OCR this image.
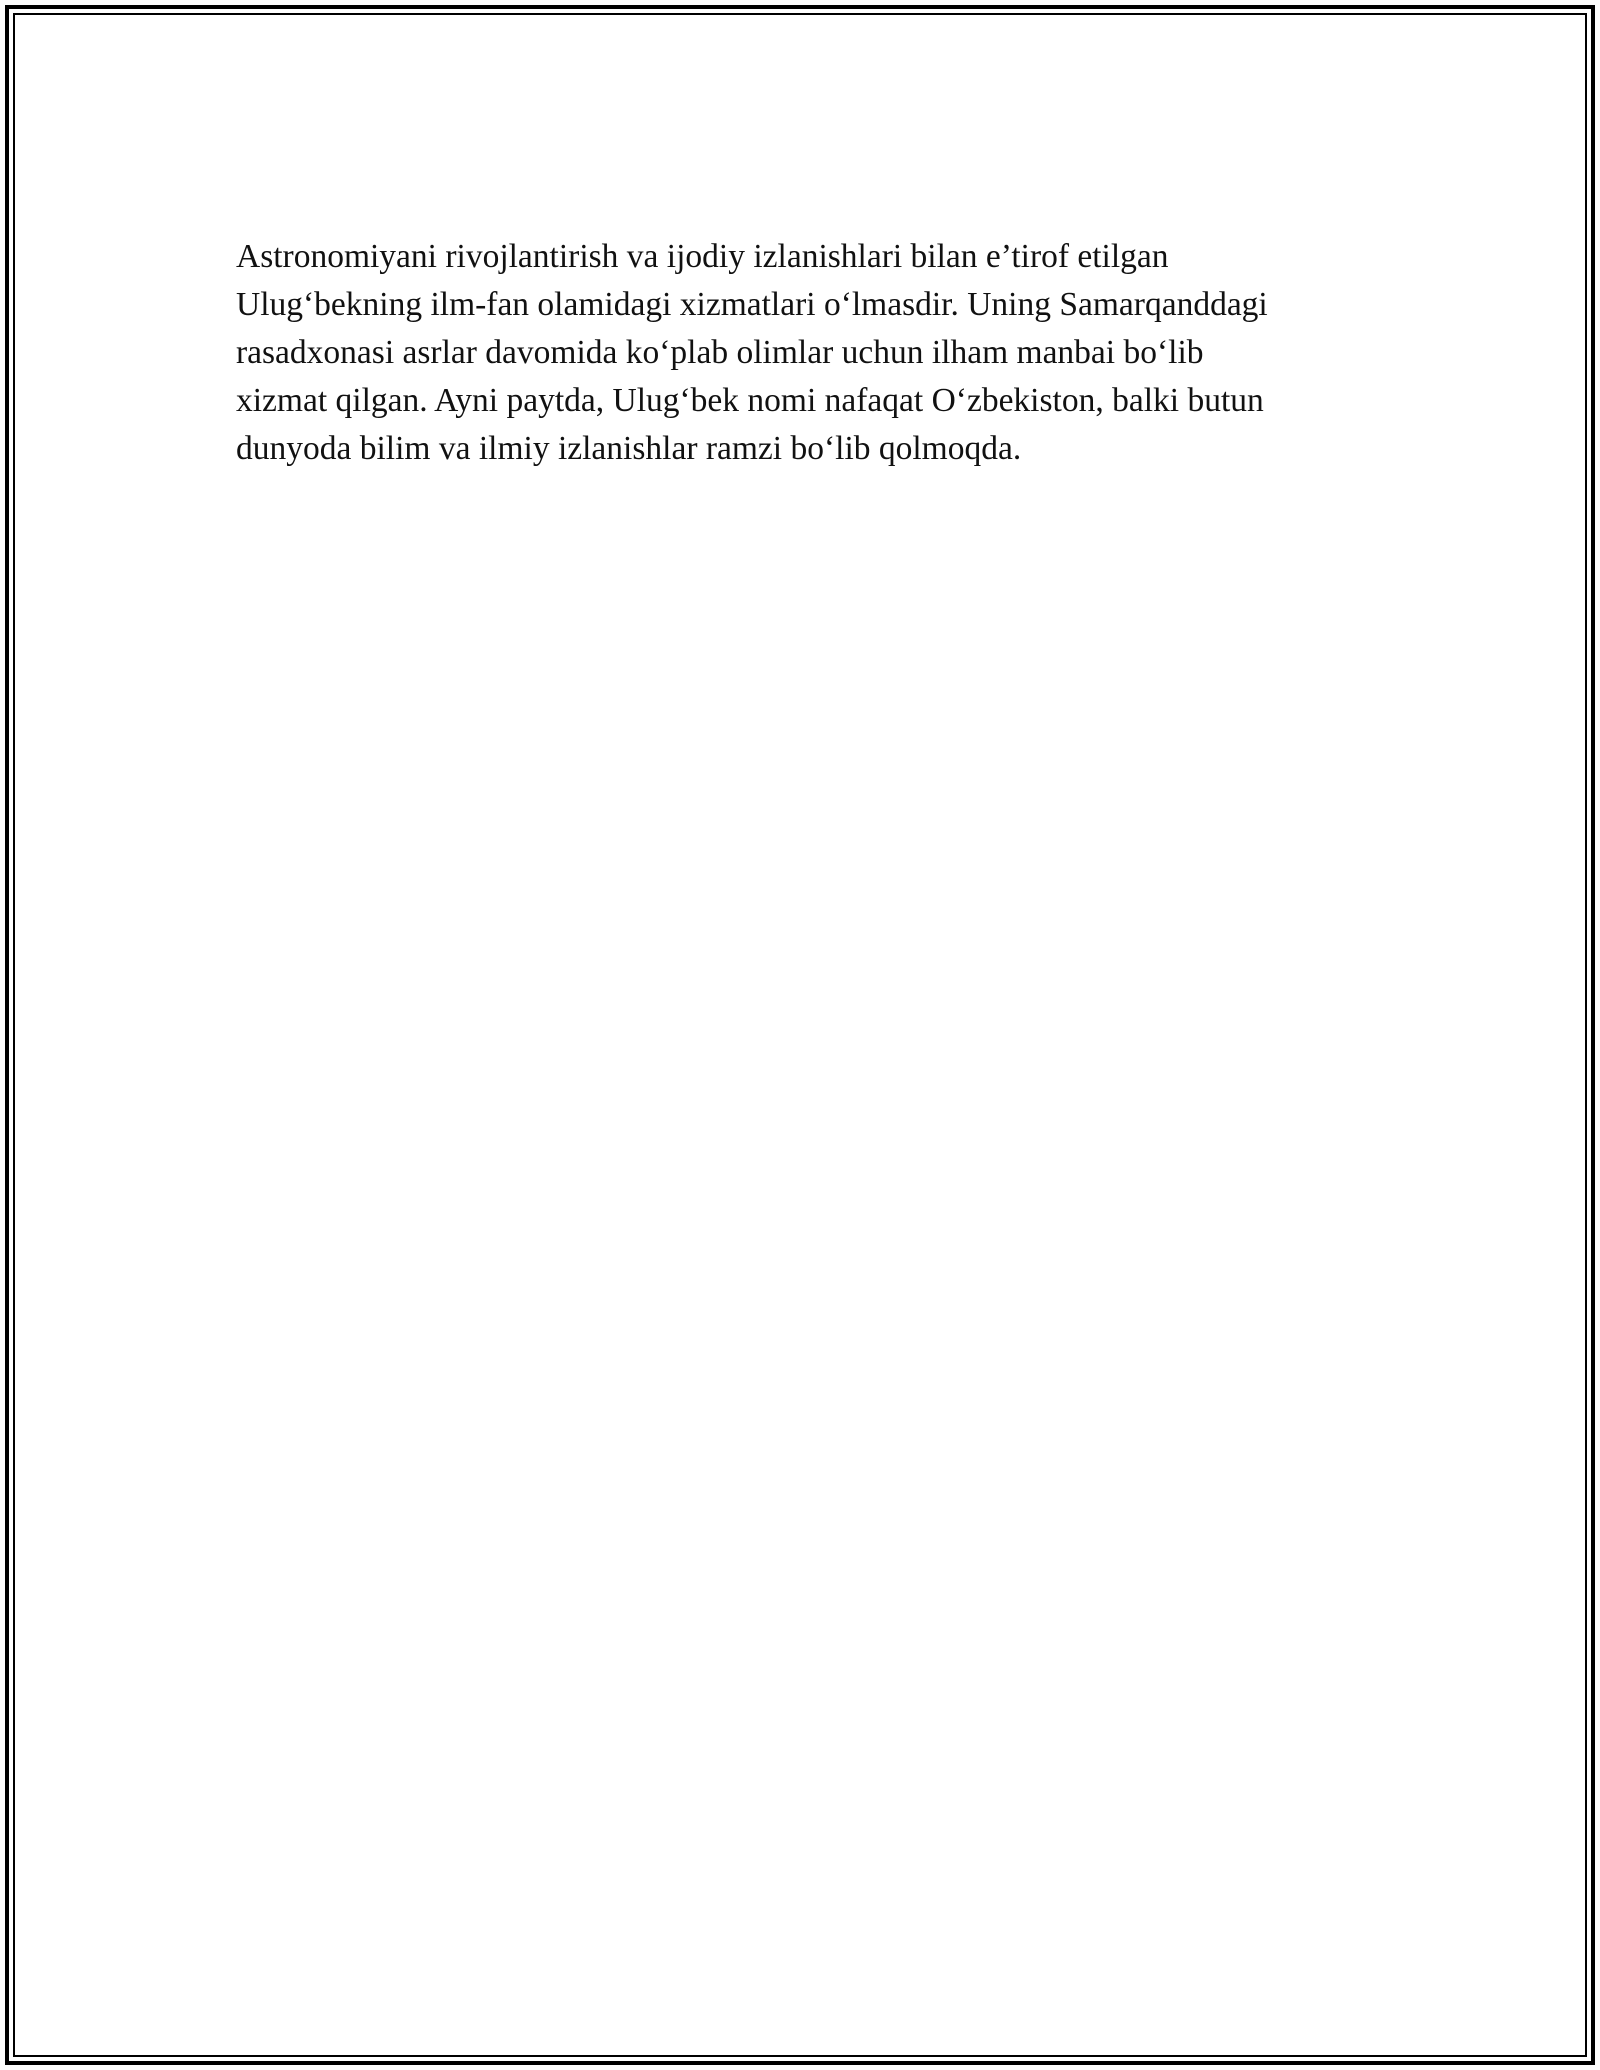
Astronomiyani rivojlantirish va ijodiy izlanishlari bilan e’tirof etilgan
Ulug‘bekning ilm-fan olamidagi xizmatlari o‘lmasdir. Uning Samarqanddagi
rasadxonasi asrlar davomida ko‘plab olimlar uchun ilham manbai bo‘lib
xizmat qilgan. Ayni paytda, Ulug‘bek nomi nafaqat O‘zbekiston, balki butun
dunyoda bilim va ilmiy izlanishlar ramzi bo‘lib qolmoqda.
